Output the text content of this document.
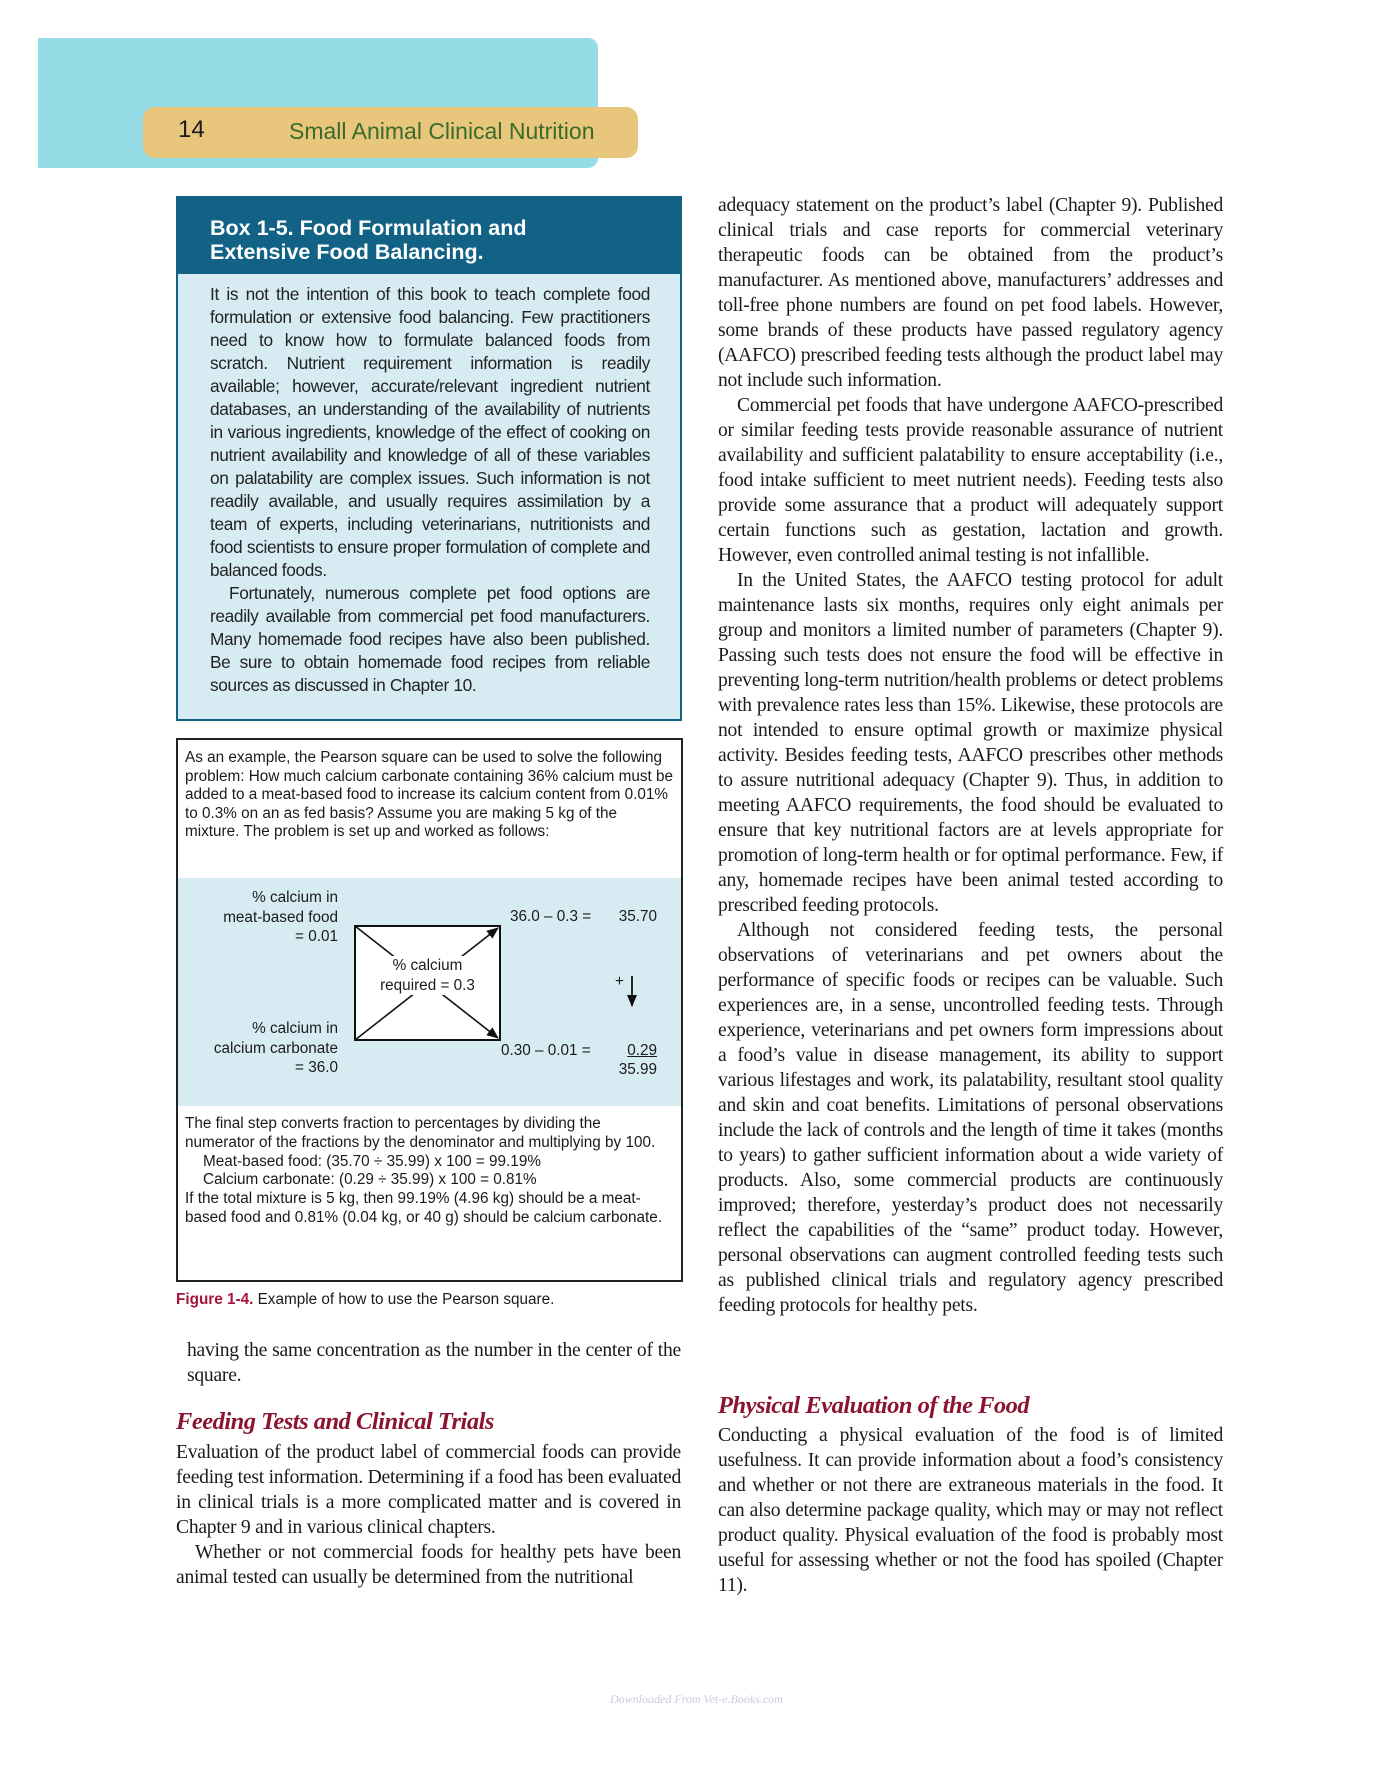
14	Small Animal Clinical Nutrition
Box 1-5. Food Formulation and
Extensive Food Balancing.

It is not the intention of this book to teach complete food formulation or extensive food balancing. Few practitioners need to know how to formulate balanced foods from scratch. Nutrient requirement information is readily available; however, accurate/relevant ingredient nutrient databases, an understanding of the availability of nutrients in various ingredients, knowledge of the effect of cooking on nutrient availability and knowledge of all of these variables on palatability are complex issues. Such information is not readily available, and usually requires assimilation by a team of experts, including veterinarians, nutritionists and food scientists to ensure proper formulation of complete and balanced foods.

Fortunately, numerous complete pet food options are readily available from commercial pet food manufacturers. Many homemade food recipes have also been published. Be sure to obtain homemade food recipes from reliable sources as discussed in Chapter 10.

As an example, the Pearson square can be used to solve the following problem: How much calcium carbonate containing 36% calcium must be added to a meat-based food to increase its calcium content from 0.01% to 0.3% on an as fed basis? Assume you are making 5 kg of the mixture. The problem is set up and worked as follows:

% calcium in
meat-based food
= 0.01
% calcium in
calcium carbonate
= 36.0
% calcium
required = 0.3
36.0 – 0.3 =	35.70
+
0.30 – 0.01 =	0.29
35.99

The final step converts fraction to percentages by dividing the numerator of the fractions by the denominator and multiplying by 100.

Meat-based food: (35.70 ÷ 35.99) x 100 = 99.19%

Calcium carbonate: (0.29 ÷ 35.99) x 100 = 0.81%

If the total mixture is 5 kg, then 99.19% (4.96 kg) should be a meat-based food and 0.81% (0.04 kg, or 40 g) should be calcium carbonate.

Figure 1-4. Example of how to use the Pearson square.

having the same concentration as the number in the center of the square.

Feeding Tests and Clinical Trials

Evaluation of the product label of commercial foods can provide feeding test information. Determining if a food has been evaluated in clinical trials is a more complicated matter and is covered in Chapter 9 and in various clinical chapters.

Whether or not commercial foods for healthy pets have been animal tested can usually be determined from the nutritional

adequacy statement on the product’s label (Chapter 9). Published clinical trials and case reports for commercial veterinary therapeutic foods can be obtained from the product’s manufacturer. As mentioned above, manufacturers’ addresses and toll-free phone numbers are found on pet food labels. However, some brands of these products have passed regulatory agency (AAFCO) prescribed feeding tests although the product label may not include such information.

Commercial pet foods that have undergone AAFCO-prescribed or similar feeding tests provide reasonable assurance of nutrient availability and sufficient palatability to ensure acceptability (i.e., food intake sufficient to meet nutrient needs). Feeding tests also provide some assurance that a product will adequately support certain functions such as gestation, lactation and growth. However, even controlled animal testing is not infallible.

In the United States, the AAFCO testing protocol for adult maintenance lasts six months, requires only eight animals per group and monitors a limited number of parameters (Chapter 9). Passing such tests does not ensure the food will be effective in preventing long-term nutrition/health problems or detect problems with prevalence rates less than 15%. Likewise, these protocols are not intended to ensure optimal growth or maximize physical activity. Besides feeding tests, AAFCO prescribes other methods to assure nutritional adequacy (Chapter 9). Thus, in addition to meeting AAFCO requirements, the food should be evaluated to ensure that key nutritional factors are at levels appropriate for promotion of long-term health or for optimal performance. Few, if any, homemade recipes have been animal tested according to prescribed feeding protocols.

Although not considered feeding tests, the personal observations of veterinarians and pet owners about the performance of specific foods or recipes can be valuable. Such experiences are, in a sense, uncontrolled feeding tests. Through experience, veterinarians and pet owners form impressions about a food’s value in disease management, its ability to support various lifestages and work, its palatability, resultant stool quality and skin and coat benefits. Limitations of personal observations include the lack of controls and the length of time it takes (months to years) to gather sufficient information about a wide variety of products. Also, some commercial products are continuously improved; therefore, yesterday’s product does not necessarily reflect the capabilities of the “same” product today. However, personal observations can augment controlled feeding tests such as published clinical trials and regulatory agency prescribed feeding protocols for healthy pets.

Physical Evaluation of the Food

Conducting a physical evaluation of the food is of limited usefulness. It can provide information about a food’s consistency and whether or not there are extraneous materials in the food. It can also determine package quality, which may or may not reflect product quality. Physical evaluation of the food is probably most useful for assessing whether or not the food has spoiled (Chapter 11).

Downloaded From Vet-e.Books.com
